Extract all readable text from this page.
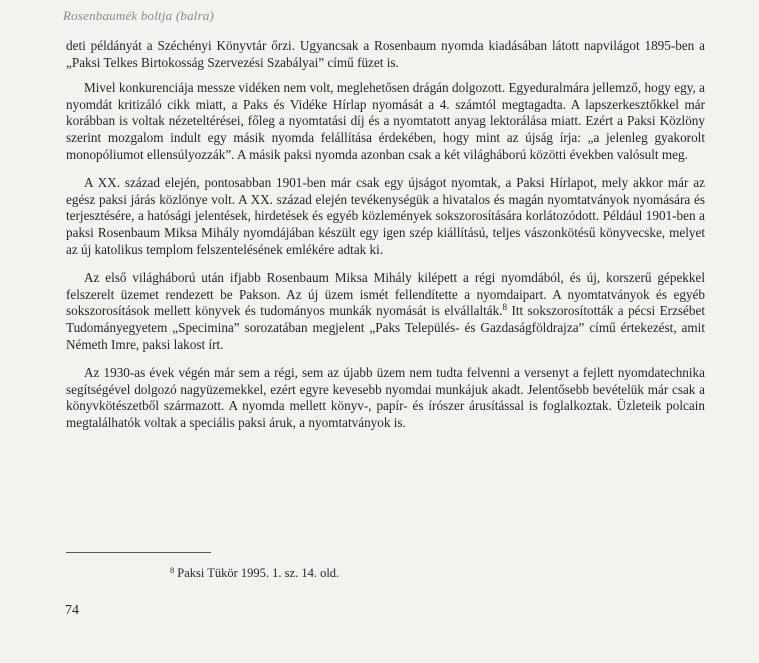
Rosenbaumék boltja (balra)

deti példányát a Széchényi Könyvtár őrzi. Ugyancsak a Rosenbaum nyomda kiadásában látott napvilágot 1895-ben a „Paksi Telkes Birtokosság Szervezési Szabályai” című füzet is.

Mivel konkurenciája messze vidéken nem volt, meglehetősen drágán dolgozott. Egyeduralmára jellemző, hogy egy, a nyomdát kritizáló cikk miatt, a Paks és Vidéke Hírlap nyomását a 4. számtól megtagadta. A lapszerkesztőkkel már korábban is voltak nézeteltérései, főleg a nyomtatási díj és a nyomtatott anyag lektorálása miatt. Ezért a Paksi Közlöny szerint mozgalom indult egy másik nyomda felállítása érdekében, hogy mint az újság írja: „a jelenleg gyakorolt monopóliumot ellensúlyozzák”. A másik paksi nyomda azonban csak a két világháború közötti években valósult meg.

A XX. század elején, pontosabban 1901-ben már csak egy újságot nyomtak, a Paksi Hírlapot, mely akkor már az egész paksi járás közlönye volt. A XX. század elején tevékenységük a hivatalos és magán nyomtatványok nyomására és terjesztésére, a hatósági jelentések, hirdetések és egyéb közlemények sokszorosítására korlátozódott. Például 1901-ben a paksi Rosenbaum Miksa Mihály nyomdájában készült egy igen szép kiállítású, teljes vászonkötésű könyvecske, melyet az új katolikus templom felszentelésének emlékére adtak ki.

Az első világháború után ifjabb Rosenbaum Miksa Mihály kilépett a régi nyomdából, és új, korszerű gépekkel felszerelt üzemet rendezett be Pakson. Az új üzem ismét fellendítette a nyomdaipart. A nyomtatványok és egyéb sokszorosítások mellett könyvek és tudományos munkák nyomását is elvállalták.$^8$ Itt sokszorosították a pécsi Erzsébet Tudományegyetem „Specimina” sorozatában megjelent „Paks Település- és Gazdaságföldrajza” című értekezést, amit Németh Imre, paksi lakost írt.

Az 1930-as évek végén már sem a régi, sem az újabb üzem nem tudta felvenni a versenyt a fejlett nyomdatechnika segítségével dolgozó nagyüzemekkel, ezért egyre kevesebb nyomdai munkájuk akadt. Jelentősebb bevételük már csak a könyvkötészetből származott. A nyomda mellett könyv-, papír- és írószer árusítással is foglalkoztak. Üzleteik polcain megtalálhatók voltak a speciális paksi áruk, a nyomtatványok is.

$^8$ Paksi Tükör 1995. 1. sz. 14. old.
74
